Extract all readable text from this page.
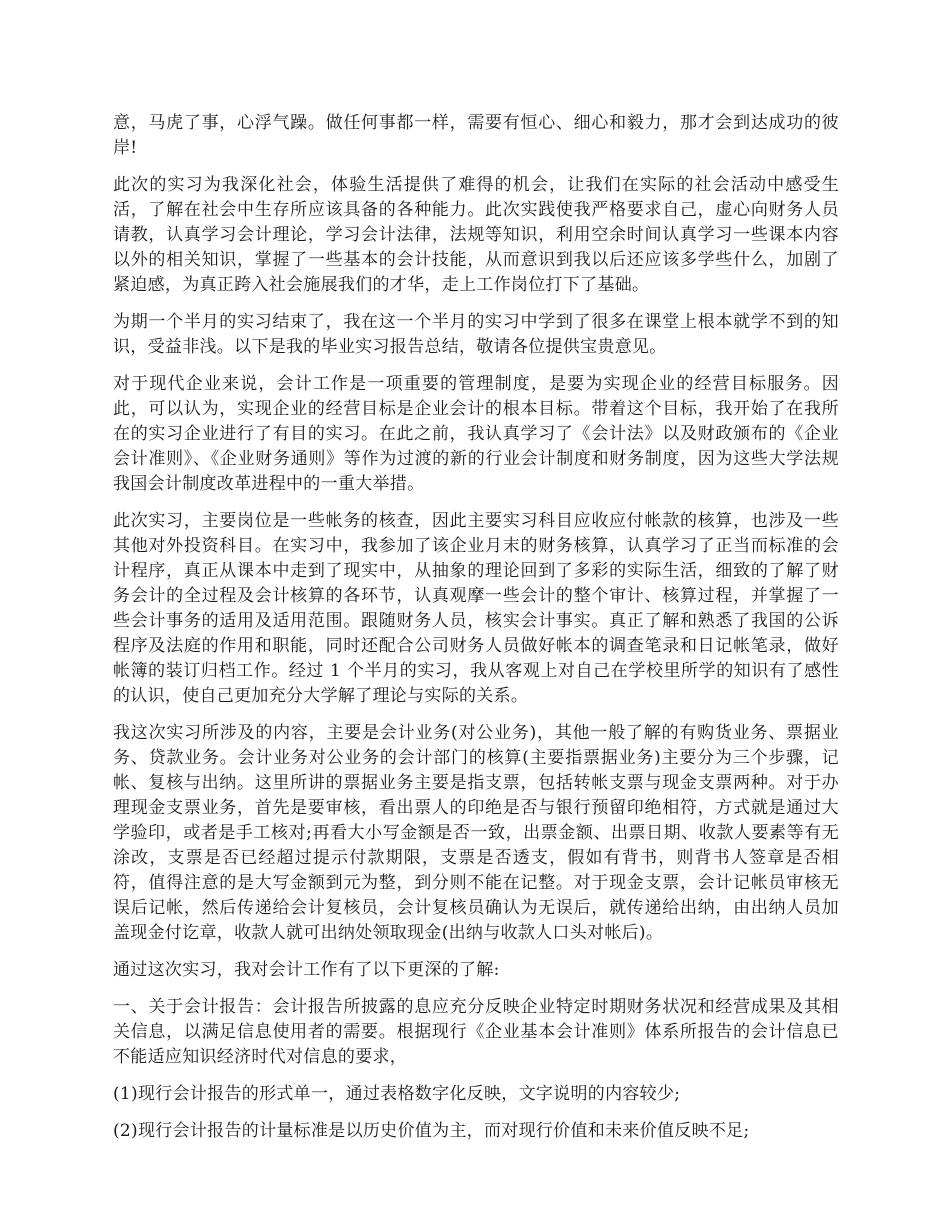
意，马虎了事，心浮气躁。做任何事都一样，需要有恒心、细心和毅力，那才会到达成功的彼岸!

此次的实习为我深化社会，体验生活提供了难得的机会，让我们在实际的社会活动中感受生活，了解在社会中生存所应该具备的各种能力。此次实践使我严格要求自己，虚心向财务人员请教，认真学习会计理论，学习会计法律，法规等知识，利用空余时间认真学习一些课本内容以外的相关知识，掌握了一些基本的会计技能，从而意识到我以后还应该多学些什么，加剧了紧迫感，为真正跨入社会施展我们的才华，走上工作岗位打下了基础。

为期一个半月的实习结束了，我在这一个半月的实习中学到了很多在课堂上根本就学不到的知识，受益非浅。以下是我的毕业实习报告总结，敬请各位提供宝贵意见。

对于现代企业来说，会计工作是一项重要的管理制度，是要为实现企业的经营目标服务。因此，可以认为，实现企业的经营目标是企业会计的根本目标。带着这个目标，我开始了在我所在的实习企业进行了有目的实习。在此之前，我认真学习了《会计法》以及财政颁布的《企业会计准则》、《企业财务通则》等作为过渡的新的行业会计制度和财务制度，因为这些大学法规我国会计制度改革进程中的一重大举措。

此次实习，主要岗位是一些帐务的核查，因此主要实习科目应收应付帐款的核算，也涉及一些其他对外投资科目。在实习中，我参加了该企业月末的财务核算，认真学习了正当而标准的会计程序，真正从课本中走到了现实中，从抽象的理论回到了多彩的实际生活，细致的了解了财务会计的全过程及会计核算的各环节，认真观摩一些会计的整个审计、核算过程，并掌握了一些会计事务的适用及适用范围。跟随财务人员，核实会计事实。真正了解和熟悉了我国的公诉程序及法庭的作用和职能，同时还配合公司财务人员做好帐本的调查笔录和日记帐笔录，做好帐簿的装订归档工作。经过 1 个半月的实习，我从客观上对自己在学校里所学的知识有了感性的认识，使自己更加充分大学解了理论与实际的关系。

我这次实习所涉及的内容，主要是会计业务(对公业务)，其他一般了解的有购货业务、票据业务、贷款业务。会计业务对公业务的会计部门的核算(主要指票据业务)主要分为三个步骤，记帐、复核与出纳。这里所讲的票据业务主要是指支票，包括转帐支票与现金支票两种。对于办理现金支票业务，首先是要审核，看出票人的印绝是否与银行预留印绝相符，方式就是通过大学验印，或者是手工核对;再看大小写金额是否一致，出票金额、出票日期、收款人要素等有无涂改，支票是否已经超过提示付款期限，支票是否透支，假如有背书，则背书人签章是否相符，值得注意的是大写金额到元为整，到分则不能在记整。对于现金支票，会计记帐员审核无误后记帐，然后传递给会计复核员，会计复核员确认为无误后，就传递给出纳，由出纳人员加盖现金付讫章，收款人就可出纳处领取现金(出纳与收款人口头对帐后)。

通过这次实习，我对会计工作有了以下更深的了解:

一、关于会计报告：会计报告所披露的息应充分反映企业特定时期财务状况和经营成果及其相关信息，以满足信息使用者的需要。根据现行《企业基本会计准则》体系所报告的会计信息已不能适应知识经济时代对信息的要求，

(1)现行会计报告的形式单一，通过表格数字化反映，文字说明的内容较少;

(2)现行会计报告的计量标准是以历史价值为主，而对现行价值和未来价值反映不足;
